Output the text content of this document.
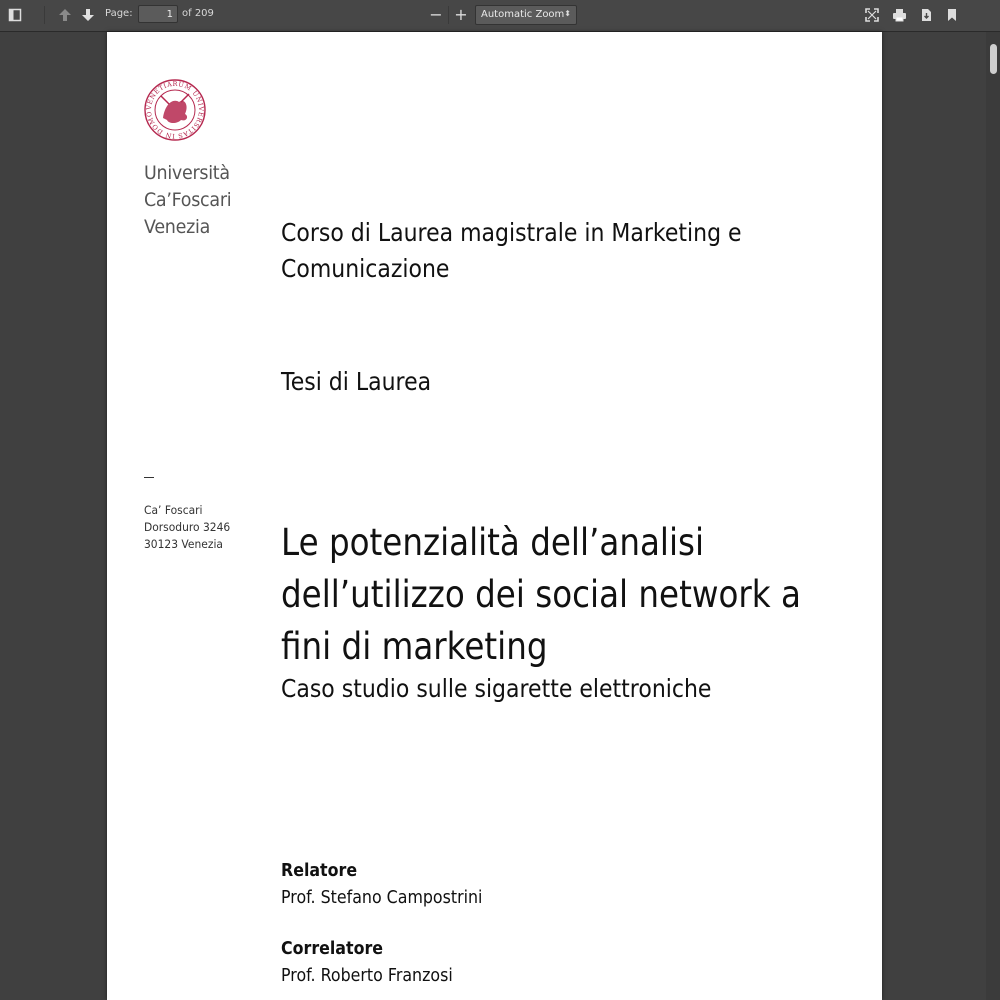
Page:
1	of 209	− +	Automatic Zoom ⬍
VENETIARUM UNIVERSITAS IN DOMO
Università
Ca’Foscari
Venezia	Corso di Laurea magistrale in Marketing e
Comunicazione
Tesi di Laurea
Ca’ Foscari
Dorsoduro 3246
30123 Venezia Le potenzialità dell’analisi
dell’utilizzo dei social network a
fini di marketing
Caso studio sulle sigarette elettroniche
Relatore
Prof. Stefano Campostrini
Correlatore
Prof. Roberto Franzosi
